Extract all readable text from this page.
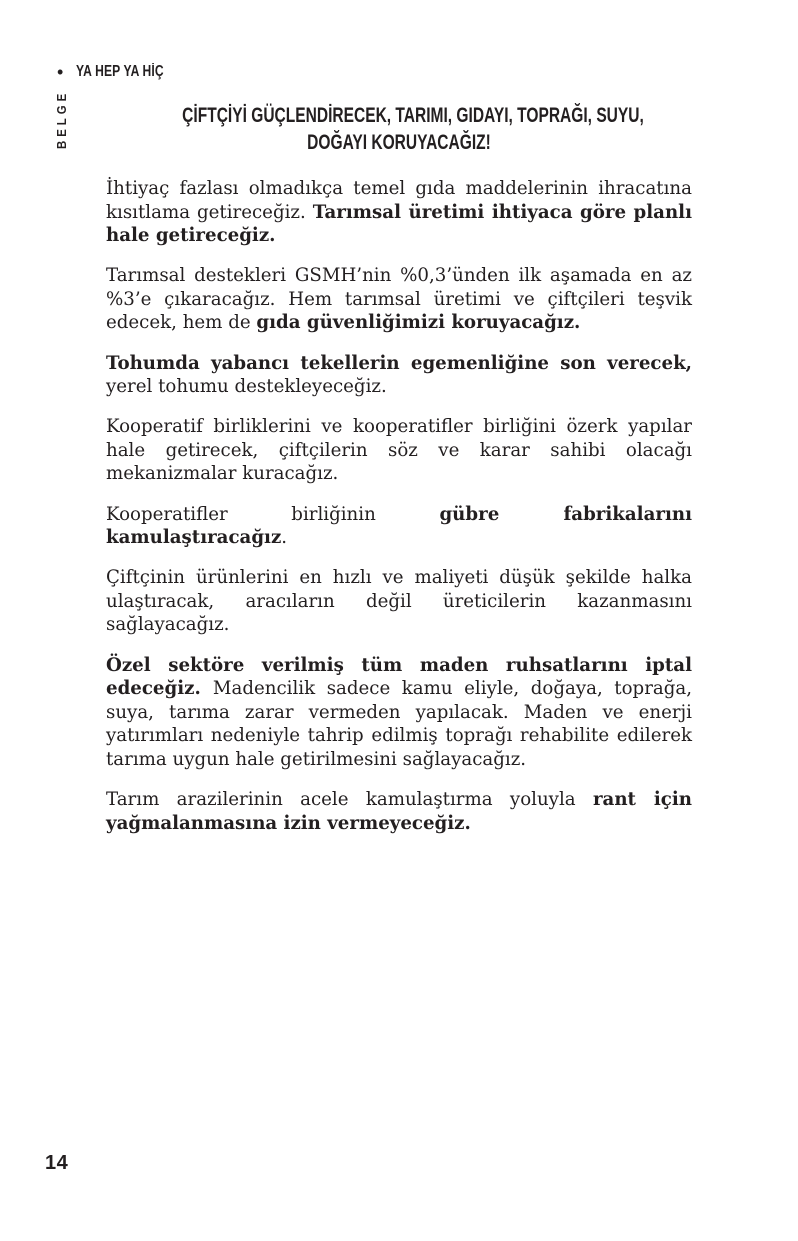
• YA HEP YA HİÇ
BELGE	ÇİFTÇİYİ GÜÇLENDİRECEK, TARIMI, GIDAYI, TOPRAĞI, SUYU,
DOĞAYI KORUYACAĞIZ!

İhtiyaç fazlası olmadıkça temel gıda maddelerinin ihracatına kısıtlama getireceğiz. Tarımsal üretimi ihtiyaca göre planlı hale getireceğiz.

Tarımsal destekleri GSMH’nin %0,3’ünden ilk aşamada en az %3’e çıkaracağız. Hem tarımsal üretimi ve çiftçileri teşvik edecek, hem de gıda güvenliğimizi koruyacağız.

Tohumda yabancı tekellerin egemenliğine son verecek, yerel tohumu destekleyeceğiz.

Kooperatif birliklerini ve kooperatifler birliğini özerk yapılar hale getirecek, çiftçilerin söz ve karar sahibi olacağı mekanizmalar kuracağız.

Kooperatifler birliğinin gübre fabrikalarını kamulaştıracağız.

Çiftçinin ürünlerini en hızlı ve maliyeti düşük şekilde halka ulaştıracak, aracıların değil üreticilerin kazanmasını sağlayacağız.

Özel sektöre verilmiş tüm maden ruhsatlarını iptal edeceğiz. Madencilik sadece kamu eliyle, doğaya, toprağa, suya, tarıma zarar vermeden yapılacak. Maden ve enerji yatırımları nedeniyle tahrip edilmiş toprağı rehabilite edilerek tarıma uygun hale getirilmesini sağlayacağız.

Tarım arazilerinin acele kamulaştırma yoluyla rant için yağmalanmasına izin vermeyeceğiz.

14
